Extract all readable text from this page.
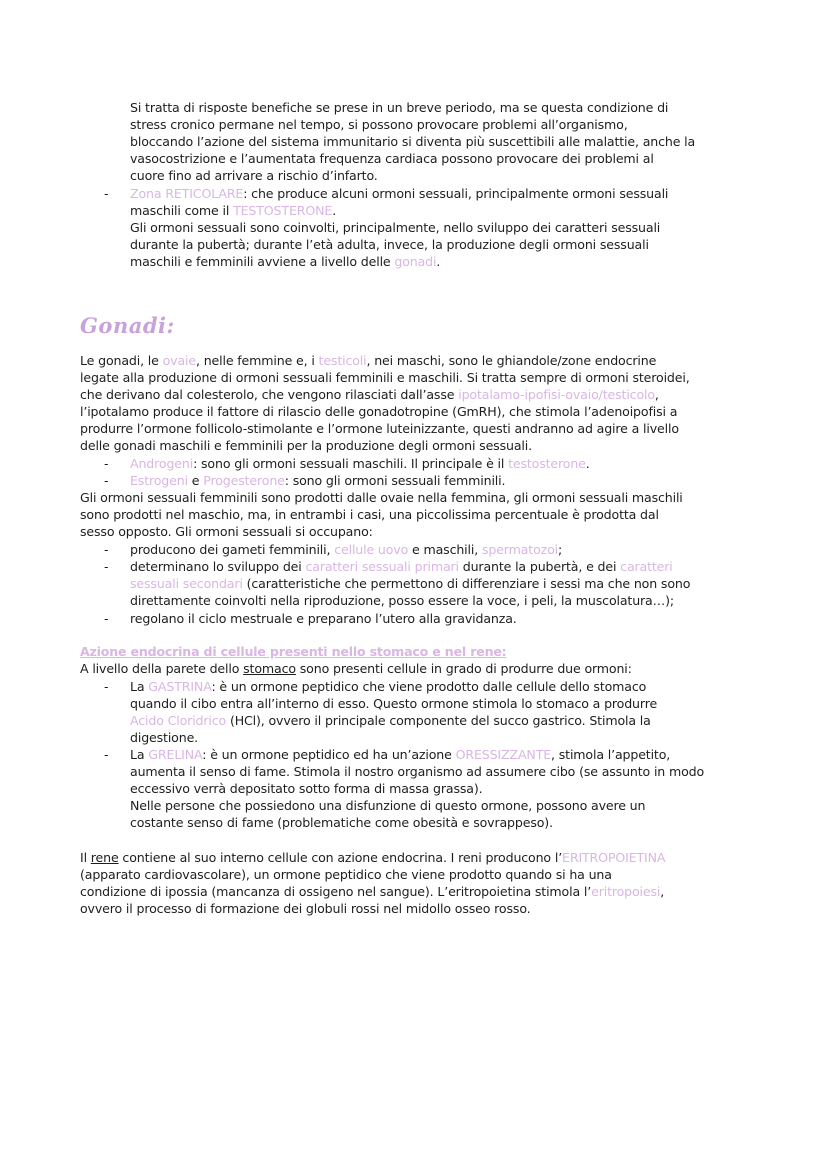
Si tratta di risposte benefiche se prese in un breve periodo, ma se questa condizione di

stress cronico permane nel tempo, si possono provocare problemi all’organismo,

bloccando l’azione del sistema immunitario si diventa più suscettibili alle malattie, anche la

vasocostrizione e l’aumentata frequenza cardiaca possono provocare dei problemi al

cuore fino ad arrivare a rischio d’infarto.

- Zona RETICOLARE: che produce alcuni ormoni sessuali, principalmente ormoni sessuali

maschili come il TESTOSTERONE.

Gli ormoni sessuali sono coinvolti, principalmente, nello sviluppo dei caratteri sessuali

durante la pubertà; durante l’età adulta, invece, la produzione degli ormoni sessuali

maschili e femminili avviene a livello delle gonadi.

Gonadi:

Le gonadi, le ovaie, nelle femmine e, i testicoli, nei maschi, sono le ghiandole/zone endocrine

legate alla produzione di ormoni sessuali femminili e maschili. Si tratta sempre di ormoni steroidei,

che derivano dal colesterolo, che vengono rilasciati dall’asse ipotalamo-ipofisi-ovaio/testicolo,

l’ipotalamo produce il fattore di rilascio delle gonadotropine (GmRH), che stimola l’adenoipofisi a

produrre l’ormone follicolo-stimolante e l’ormone luteinizzante, questi andranno ad agire a livello

delle gonadi maschili e femminili per la produzione degli ormoni sessuali.

- Androgeni: sono gli ormoni sessuali maschili. Il principale è il testosterone.

- Estrogeni e Progesterone: sono gli ormoni sessuali femminili.

Gli ormoni sessuali femminili sono prodotti dalle ovaie nella femmina, gli ormoni sessuali maschili

sono prodotti nel maschio, ma, in entrambi i casi, una piccolissima percentuale è prodotta dal

sesso opposto. Gli ormoni sessuali si occupano:

- producono dei gameti femminili, cellule uovo e maschili, spermatozoi;

- determinano lo sviluppo dei caratteri sessuali primari durante la pubertà, e dei caratteri

sessuali secondari (caratteristiche che permettono di differenziare i sessi ma che non sono

direttamente coinvolti nella riproduzione, posso essere la voce, i peli, la muscolatura…);

- regolano il ciclo mestruale e preparano l’utero alla gravidanza.

Azione endocrina di cellule presenti nello stomaco e nel rene:

A livello della parete dello stomaco sono presenti cellule in grado di produrre due ormoni:

- La GASTRINA: è un ormone peptidico che viene prodotto dalle cellule dello stomaco

quando il cibo entra all’interno di esso. Questo ormone stimola lo stomaco a produrre

Acido Cloridrico (HCl), ovvero il principale componente del succo gastrico. Stimola la

digestione.

- La GRELINA: è un ormone peptidico ed ha un’azione ORESSIZZANTE, stimola l’appetito,

aumenta il senso di fame. Stimola il nostro organismo ad assumere cibo (se assunto in modo

eccessivo verrà depositato sotto forma di massa grassa).

Nelle persone che possiedono una disfunzione di questo ormone, possono avere un

costante senso di fame (problematiche come obesità e sovrappeso).

Il rene contiene al suo interno cellule con azione endocrina. I reni producono l’ERITROPOIETINA

(apparato cardiovascolare), un ormone peptidico che viene prodotto quando si ha una

condizione di ipossia (mancanza di ossigeno nel sangue). L’eritropoietina stimola l’eritropoiesi,

ovvero il processo di formazione dei globuli rossi nel midollo osseo rosso.
